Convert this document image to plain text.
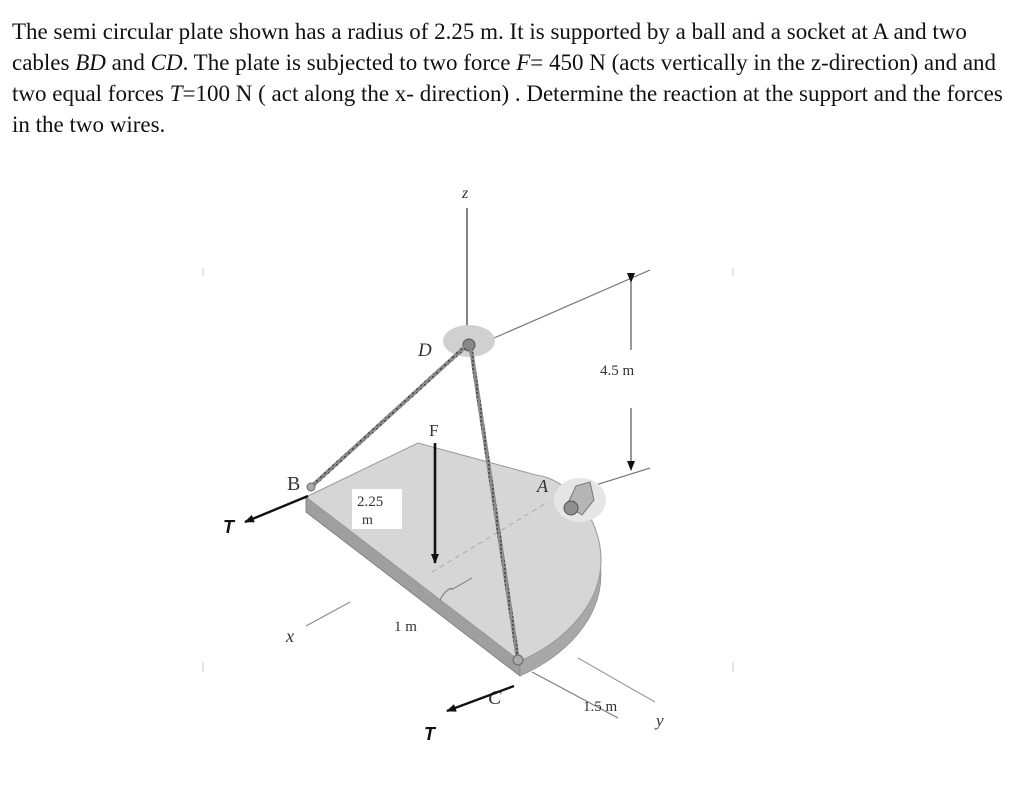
The semi circular plate shown has a radius of 2.25 m. It is supported by a ball and a socket at A and two cables BD and CD. The plate is subjected to two force F= 450 N (acts vertically in the z-direction) and and two equal forces T=100 N ( act along the x- direction) . Determine the reaction at the support and the forces in the two wires.

z
y
x
4.5 m
A
D
B
C
F
1 m
2.25
m
1.5 m
T
T
